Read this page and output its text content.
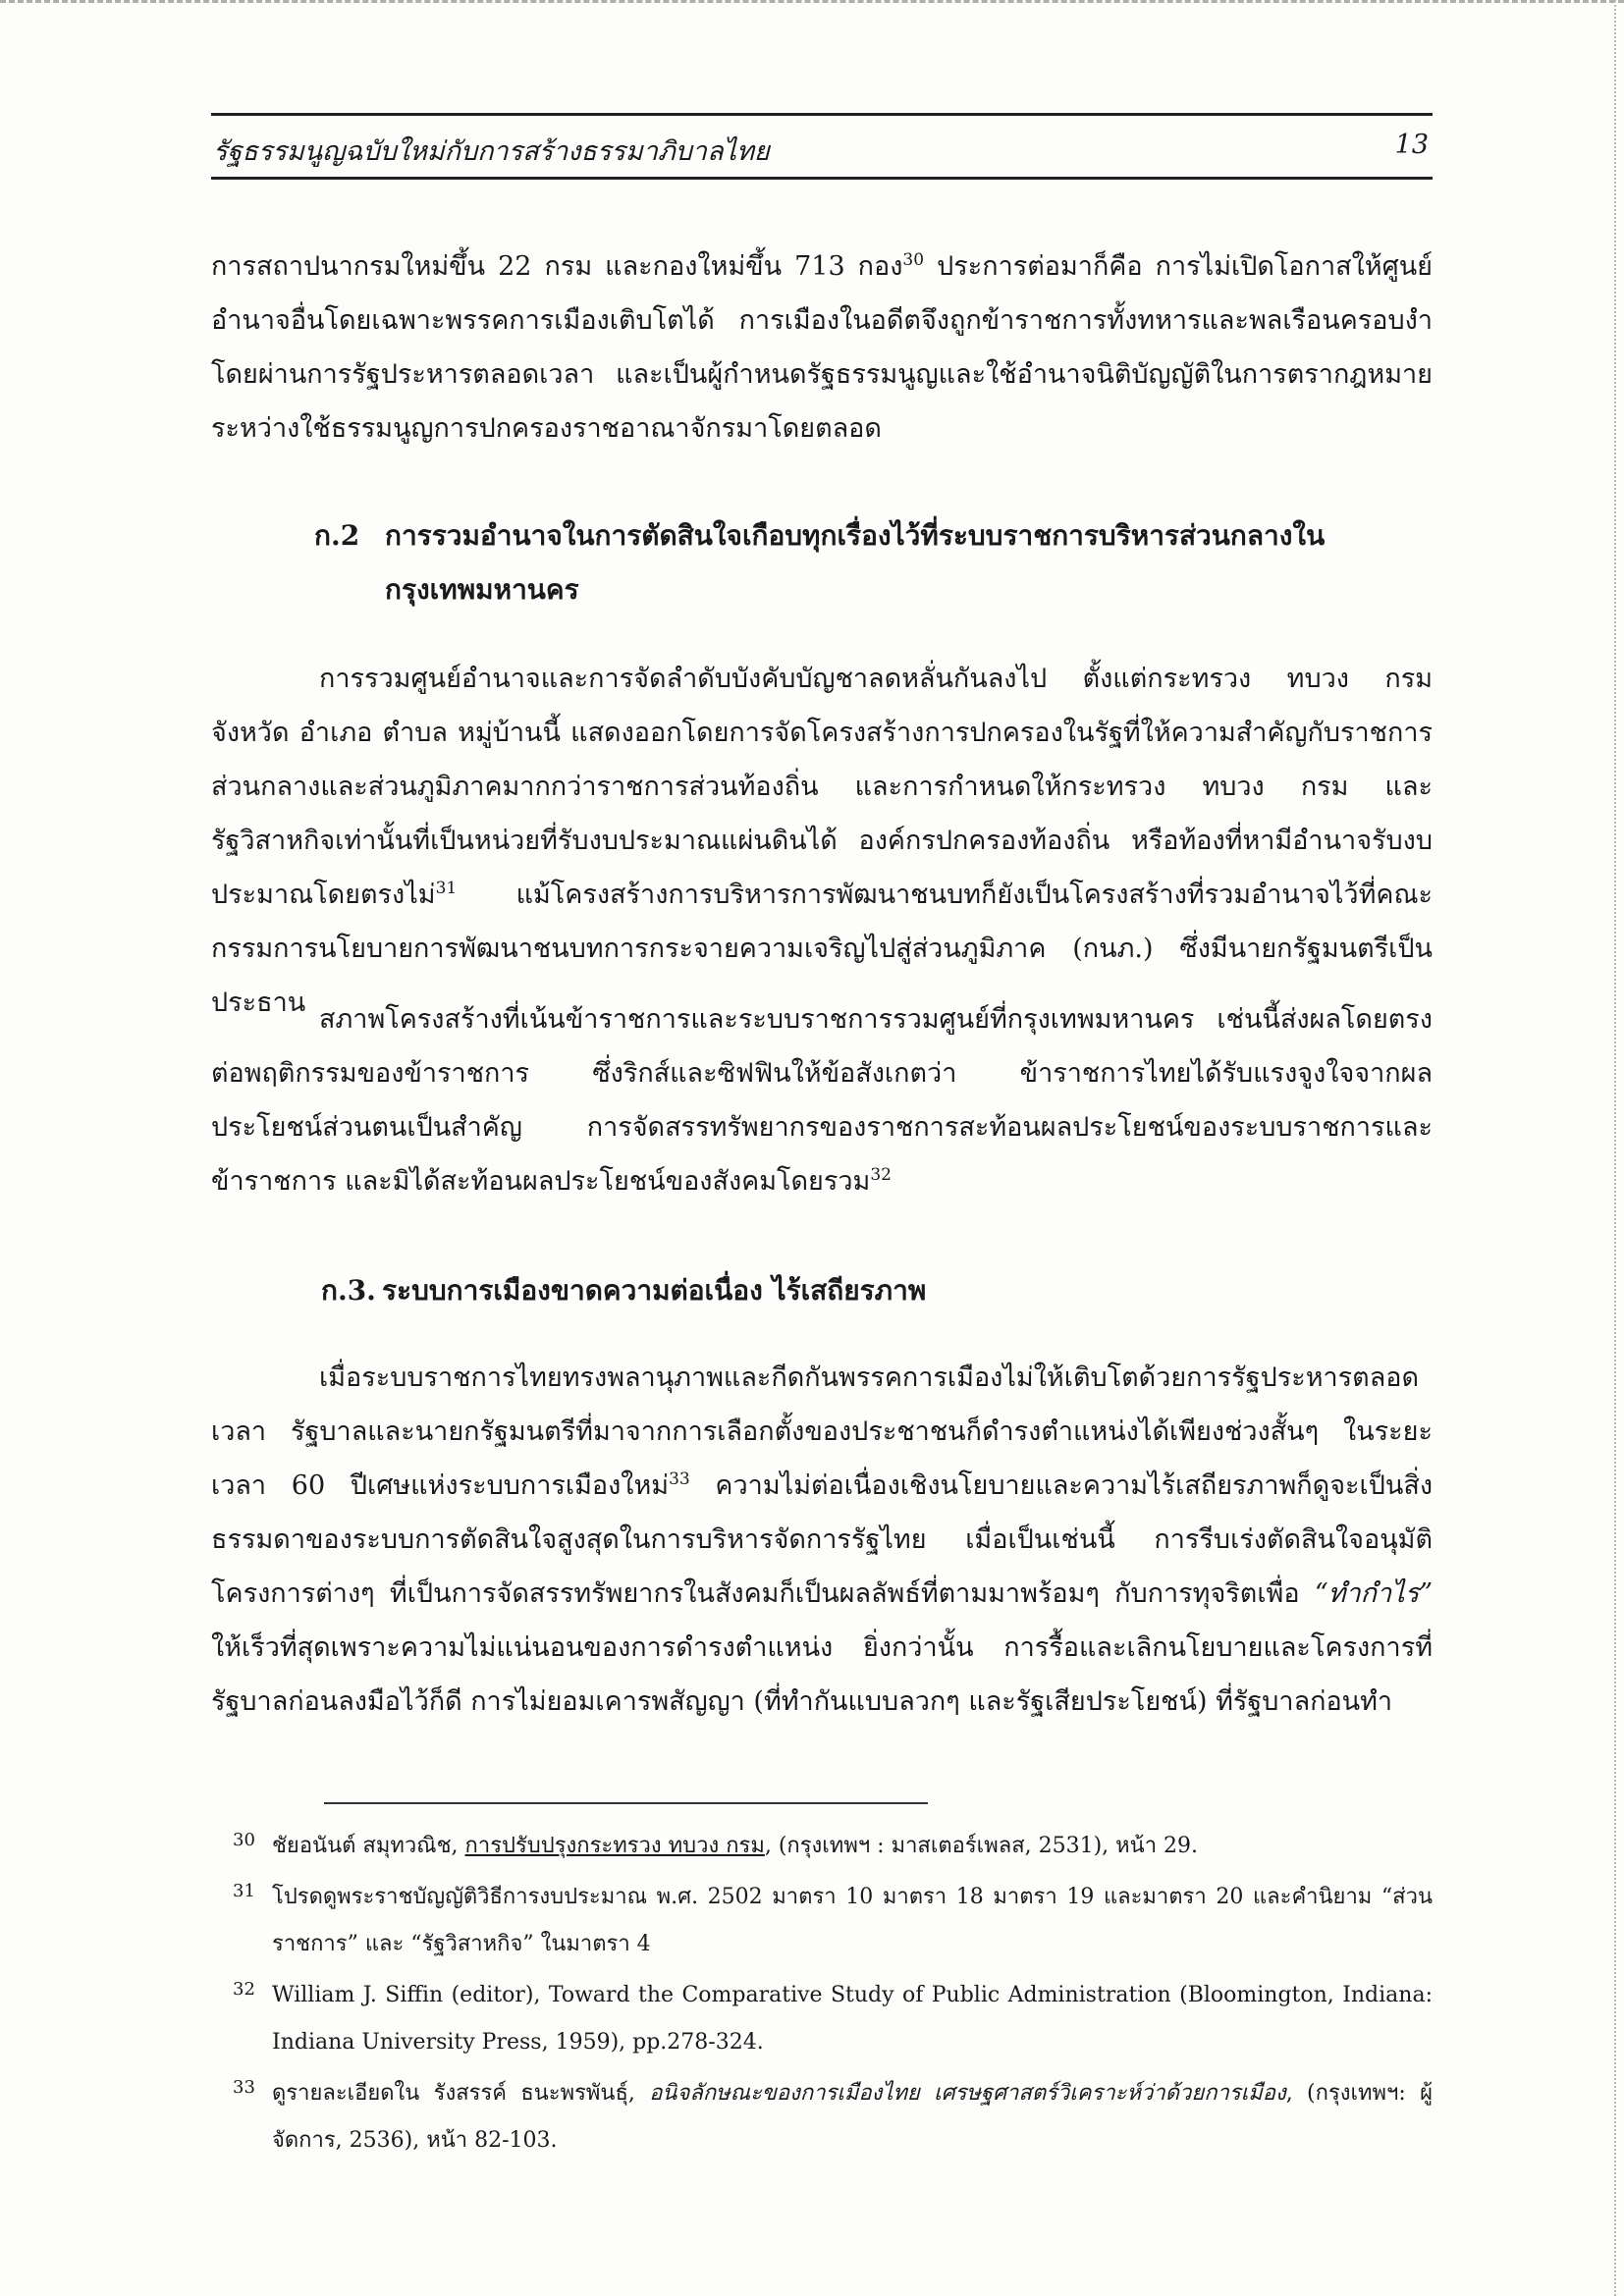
รัฐธรรมนูญฉบับใหม่กับการสร้างธรรมาภิบาลไทย	13

การสถาปนากรมใหม่ขึ้น 22 กรม และกองใหม่ขึ้น 713 กอง$^{30}$ ประการต่อมาก็คือ การไม่เปิดโอกาสให้ศูนย์อำนาจอื่นโดยเฉพาะพรรคการเมืองเติบโตได้ การเมืองในอดีตจึงถูกข้าราชการทั้งทหารและพลเรือนครอบงำโดยผ่านการรัฐประหารตลอดเวลา และเป็นผู้กำหนดรัฐธรรมนูญและใช้อำนาจนิติบัญญัติในการตรากฎหมายระหว่างใช้ธรรมนูญการปกครองราชอาณาจักรมาโดยตลอด

ก.2 การรวมอำนาจในการตัดสินใจเกือบทุกเรื่องไว้ที่ระบบราชการบริหารส่วนกลางใน
กรุงเทพมหานคร

การรวมศูนย์อำนาจและการจัดลำดับบังคับบัญชาลดหลั่นกันลงไป ตั้งแต่กระทรวง ทบวง กรม จังหวัด อำเภอ ตำบล หมู่บ้านนี้ แสดงออกโดยการจัดโครงสร้างการปกครองในรัฐที่ให้ความสำคัญกับราชการส่วนกลางและส่วนภูมิภาคมากกว่าราชการส่วนท้องถิ่น และการกำหนดให้กระทรวง ทบวง กรม และรัฐวิสาหกิจเท่านั้นที่เป็นหน่วยที่รับงบประมาณแผ่นดินได้ องค์กรปกครองท้องถิ่น หรือท้องที่หามีอำนาจรับงบประมาณโดยตรงไม่$^{31}$ แม้โครงสร้างการบริหารการพัฒนาชนบทก็ยังเป็นโครงสร้างที่รวมอำนาจไว้ที่คณะกรรมการนโยบายการพัฒนาชนบทการกระจายความเจริญไปสู่ส่วนภูมิภาค (กนภ.) ซึ่งมีนายกรัฐมนตรีเป็นประธาน

สภาพโครงสร้างที่เน้นข้าราชการและระบบราชการรวมศูนย์ที่กรุงเทพมหานคร เช่นนี้ส่งผลโดยตรงต่อพฤติกรรมของข้าราชการ ซึ่งริกส์และซิฟฟินให้ข้อสังเกตว่า ข้าราชการไทยได้รับแรงจูงใจจากผลประโยชน์ส่วนตนเป็นสำคัญ การจัดสรรทรัพยากรของราชการสะท้อนผลประโยชน์ของระบบราชการและข้าราชการ และมิได้สะท้อนผลประโยชน์ของสังคมโดยรวม$^{32}$

ก.3. ระบบการเมืองขาดความต่อเนื่อง ไร้เสถียรภาพ

เมื่อระบบราชการไทยทรงพลานุภาพและกีดกันพรรคการเมืองไม่ให้เติบโตด้วยการรัฐประหารตลอดเวลา รัฐบาลและนายกรัฐมนตรีที่มาจากการเลือกตั้งของประชาชนก็ดำรงตำแหน่งได้เพียงช่วงสั้นๆ ในระยะเวลา 60 ปีเศษแห่งระบบการเมืองใหม่$^{33}$ ความไม่ต่อเนื่องเชิงนโยบายและความไร้เสถียรภาพก็ดูจะเป็นสิ่งธรรมดาของระบบการตัดสินใจสูงสุดในการบริหารจัดการรัฐไทย เมื่อเป็นเช่นนี้ การรีบเร่งตัดสินใจอนุมัติโครงการต่างๆ ที่เป็นการจัดสรรทรัพยากรในสังคมก็เป็นผลลัพธ์ที่ตามมาพร้อมๆ กับการทุจริตเพื่อ “ทำกำไร” ให้เร็วที่สุดเพราะความไม่แน่นอนของการดำรงตำแหน่ง ยิ่งกว่านั้น การรื้อและเลิกนโยบายและโครงการที่รัฐบาลก่อนลงมือไว้ก็ดี การไม่ยอมเคารพสัญญา (ที่ทำกันแบบลวกๆ และรัฐเสียประโยชน์) ที่รัฐบาลก่อนทำ

30 ชัยอนันต์ สมุทวณิช, การปรับปรุงกระทรวง ทบวง กรม, (กรุงเทพฯ : มาสเตอร์เพลส, 2531), หน้า 29.
31 โปรดดูพระราชบัญญัติวิธีการงบประมาณ พ.ศ. 2502 มาตรา 10 มาตรา 18 มาตรา 19 และมาตรา 20 และคำนิยาม “ส่วนราชการ” และ “รัฐวิสาหกิจ” ในมาตรา 4
32 William J. Siffin (editor), Toward the Comparative Study of Public Administration (Bloomington, Indiana: Indiana University Press, 1959), pp.278-324.
33 ดูรายละเอียดใน รังสรรค์ ธนะพรพันธุ์, อนิจลักษณะของการเมืองไทย เศรษฐศาสตร์วิเคราะห์ว่าด้วยการเมือง, (กรุงเทพฯ: ผู้จัดการ, 2536), หน้า 82-103.
